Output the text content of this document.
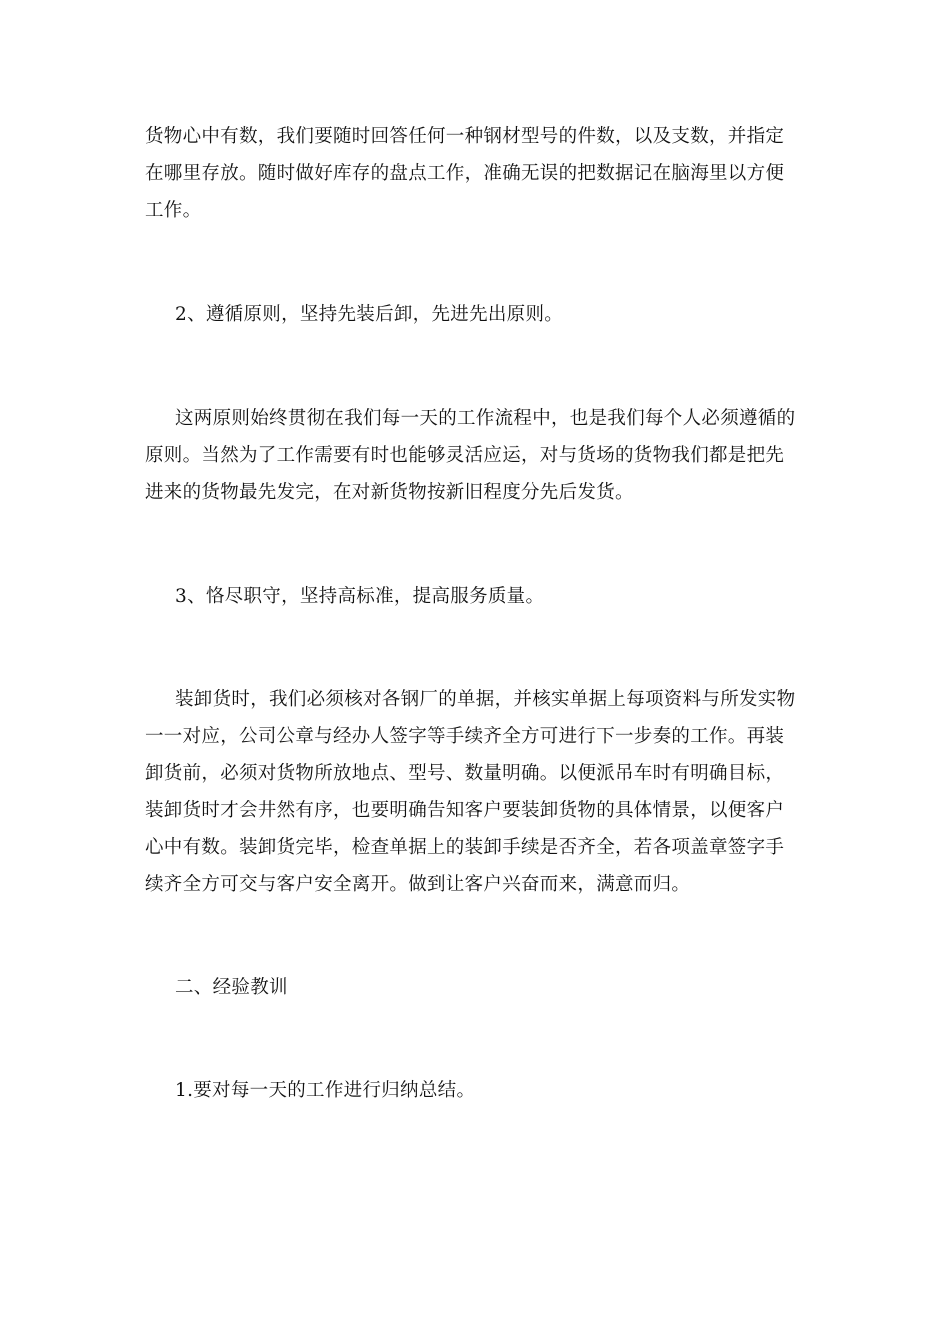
货物心中有数，我们要随时回答任何一种钢材型号的件数，以及支数，并指定
在哪里存放。随时做好库存的盘点工作，准确无误的把数据记在脑海里以方便
工作。
2、遵循原则，坚持先装后卸，先进先出原则。
这两原则始终贯彻在我们每一天的工作流程中，也是我们每个人必须遵循的
原则。当然为了工作需要有时也能够灵活应运，对与货场的货物我们都是把先
进来的货物最先发完，在对新货物按新旧程度分先后发货。
3、恪尽职守，坚持高标准，提高服务质量。
装卸货时，我们必须核对各钢厂的单据，并核实单据上每项资料与所发实物
一一对应，公司公章与经办人签字等手续齐全方可进行下一步奏的工作。再装
卸货前，必须对货物所放地点、型号、数量明确。以便派吊车时有明确目标，
装卸货时才会井然有序，也要明确告知客户要装卸货物的具体情景，以便客户
心中有数。装卸货完毕，检查单据上的装卸手续是否齐全，若各项盖章签字手
续齐全方可交与客户安全离开。做到让客户兴奋而来，满意而归。
二、经验教训
1.要对每一天的工作进行归纳总结。
